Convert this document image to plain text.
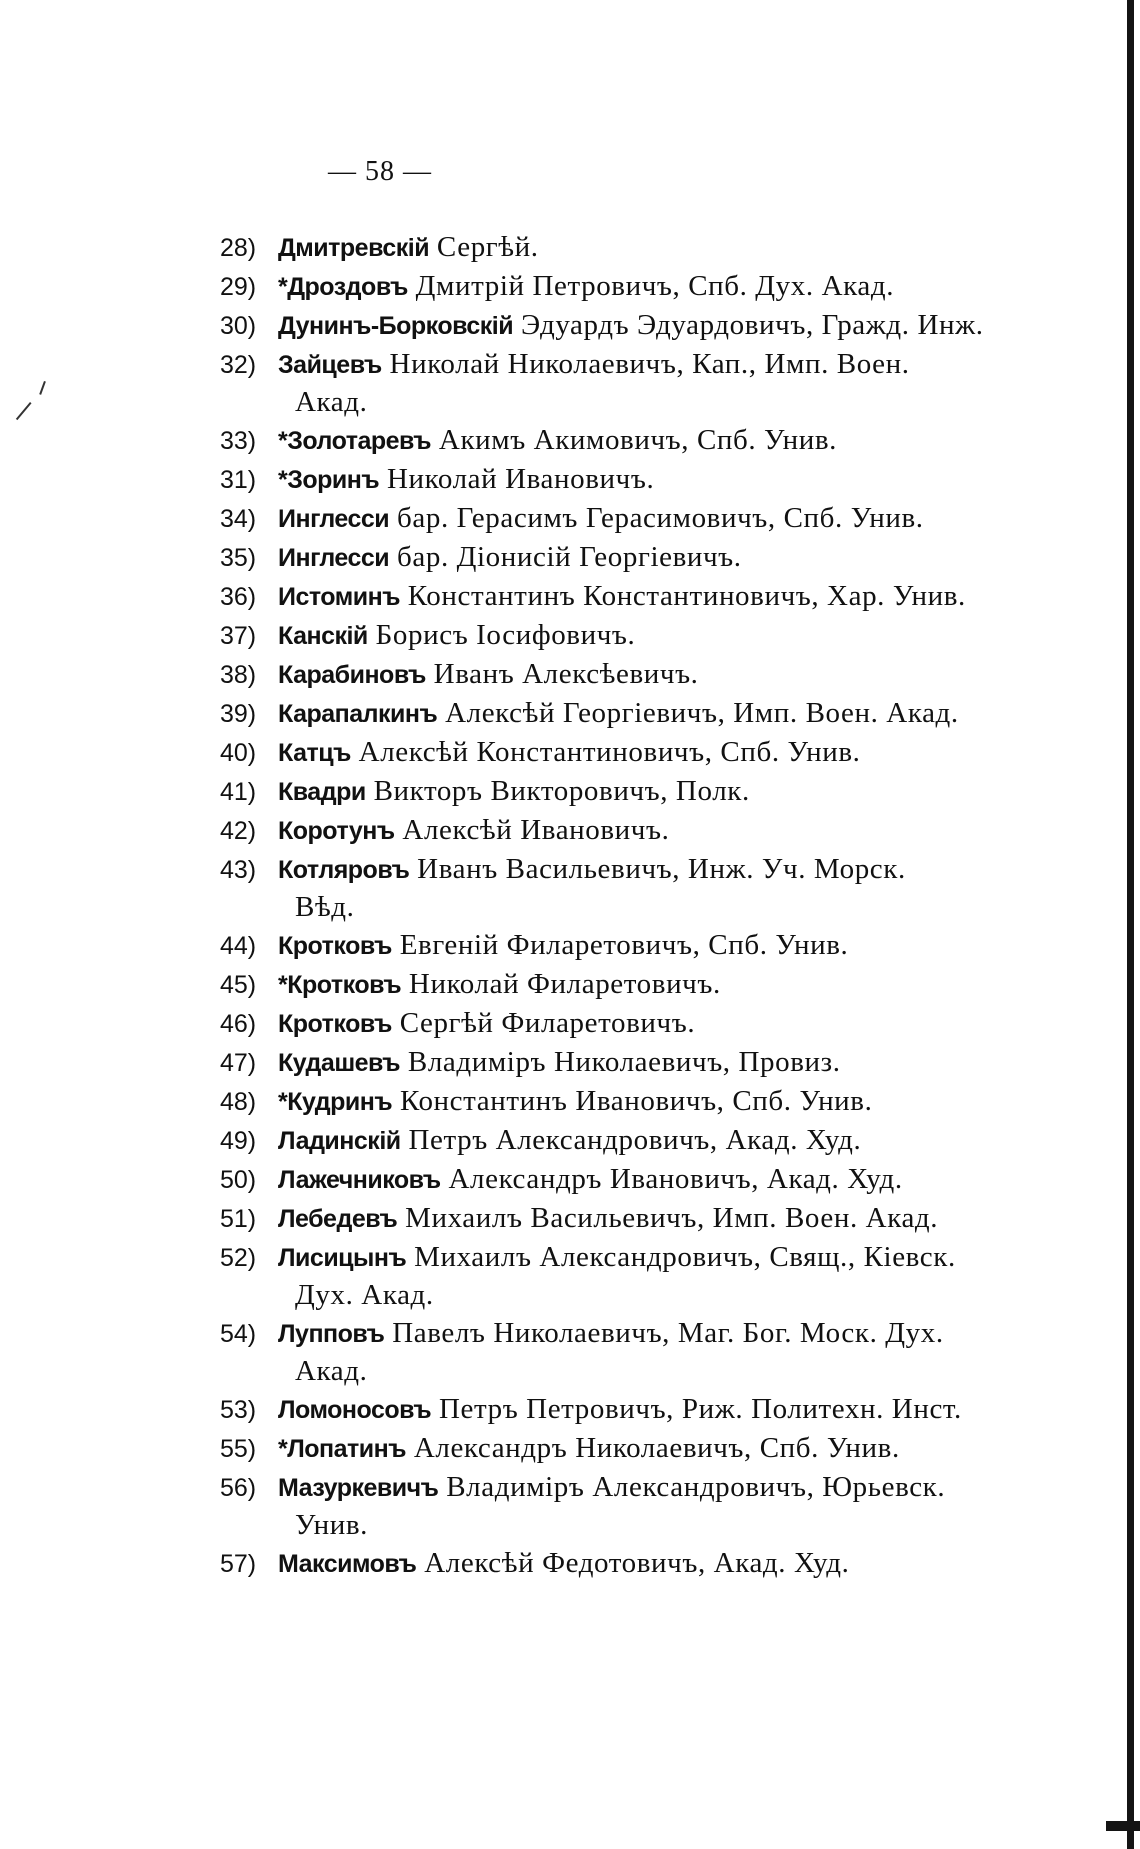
— 58 —
28) Дмитревскій Сергѣй.
29) *Дроздовъ Дмитрій Петровичъ, Спб. Дух. Акад.
30) Дунинъ-Борковскій Эдуардъ Эдуардовичъ, Гражд. Инж.
32) Зайцевъ Николай Николаевичъ, Кап., Имп. Воен.
Акад.
33) *Золотаревъ Акимъ Акимовичъ, Спб. Унив.
31) *Зоринъ Николай Ивановичъ.
34) Инглесси бар. Герасимъ Герасимовичъ, Спб. Унив.
35) Инглесси бар. Діонисій Георгіевичъ.
36) Истоминъ Константинъ Константиновичъ, Хар. Унив.
37) Канскій Борисъ Іосифовичъ.
38) Карабиновъ Иванъ Алексѣевичъ.
39) Карапалкинъ Алексѣй Георгіевичъ, Имп. Воен. Акад.
40) Катцъ Алексѣй Константиновичъ, Спб. Унив.
41) Квадри Викторъ Викторовичъ, Полк.
42) Коротунъ Алексѣй Ивановичъ.
43) Котляровъ Иванъ Васильевичъ, Инж. Уч. Морск.
Вѣд.
44) Кротковъ Евгеній Филаретовичъ, Спб. Унив.
45) *Кротковъ Николай Филаретовичъ.
46) Кротковъ Сергѣй Филаретовичъ.
47) Кудашевъ Владиміръ Николаевичъ, Провиз.
48) *Кудринъ Константинъ Ивановичъ, Спб. Унив.
49) Ладинскій Петръ Александровичъ, Акад. Худ.
50) Лажечниковъ Александръ Ивановичъ, Акад. Худ.
51) Лебедевъ Михаилъ Васильевичъ, Имп. Воен. Акад.
52) Лисицынъ Михаилъ Александровичъ, Свящ., Кіевск.
Дух. Акад.
54) Лупповъ Павелъ Николаевичъ, Маг. Бог. Моск. Дух.
Акад.
53) Ломоносовъ Петръ Петровичъ, Риж. Политехн. Инст.
55) *Лопатинъ Александръ Николаевичъ, Спб. Унив.
56) Мазуркевичъ Владиміръ Александровичъ, Юрьевск.
Унив.
57) Максимовъ Алексѣй Федотовичъ, Акад. Худ.
